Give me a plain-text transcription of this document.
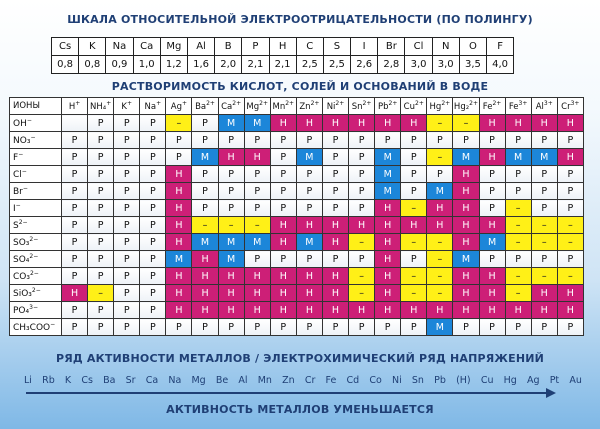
ШКАЛА ОТНОСИТЕЛЬНОЙ ЭЛЕКТРООТРИЦАТЕЛЬНОСТИ (ПО ПОЛИНГУ)
Cs	K	Na	Ca	Mg	Al	B	P	H	C	S	I	Br	Cl	N	O	F
0,8	0,8	0,9	1,0	1,2	1,6	2,0	2,1	2,1	2,5	2,5	2,6	2,8	3,0	3,0	3,5	4,0
РАСТВОРИМОСТЬ КИСЛОТ, СОЛЕЙ И ОСНОВАНИЙ В ВОДЕ
ИОНЫ	H+	NH₄+	K+	Na+	Ag+	$Ba^{2+}$	$Ca^{2+}$	$Mg^{2+}$	$Mn^{2+}$	$Zn^{2+}$	$Ni^{2+}$	$Sn^{2+}$	$Pb^{2+}$	$Cu^{2+}$	$Hg^{2+}$	Hg₂$^{2+}$	$Fe^{2+}$	$Fe^{3+}$	$Al^{3+}$	$Cr^{3+}$
OH−		P	P	P	–	P	M	M	H	H	H	H	H	H	–	–	H	H	H	H
NO₃−	P	P	P	P	P	P	P	P	P	P	P	P	P	P	P	P	P	P	P	P
F−	P	P	P	P	P	M	H	H	P	M	P	P	M	P	–	M	H	M	M	H
Cl−	P	P	P	P	H	P	P	P	P	P	P	P	M	P	P	H	P	P	P	P
Br−	P	P	P	P	H	P	P	P	P	P	P	P	M	P	M	H	P	P	P	P
I−	P	P	P	P	H	P	P	P	P	P	P	P	H	–	H	H	P	–	P	P
$S^{2-}$	P	P	P	P	H	–	–	–	H	H	H	H	H	H	H	H	H	–	–	–
SO₃$^{2-}$	P	P	P	P	H	M	M	M	H	M	H	–	H	–	–	H	M	–	–	–
SO₄$^{2-}$	P	P	P	P	M	H	M	P	P	P	P	P	H	P	–	M	P	P	P	P
CO₃$^{2-}$	P	P	P	P	H	H	H	H	H	H	H	–	H	–	–	H	H	–	–	–
SiO₃$^{2-}$	H	–	P	P	H	H	H	H	H	H	H	–	H	–	–	H	H	–	H	H
PO₄$^{3-}$	P	P	P	P	H	H	H	H	H	H	H	H	H	H	H	H	H	H	H	H
CH₃COO−	P	P	P	P	P	P	P	P	P	P	P	P	P	P	M	P	P	P	P	P
РЯД АКТИВНОСТИ МЕТАЛЛОВ / ЭЛЕКТРОХИМИЧЕСКИЙ РЯД НАПРЯЖЕНИЙ
Li Rb K Cs Ba Sr Ca Na Mg Be Al Mn Zn Cr Fe Cd Co Ni Sn Pb (H) Cu Hg Ag Pt Au
АКТИВНОСТЬ МЕТАЛЛОВ УМЕНЬШАЕТСЯ
